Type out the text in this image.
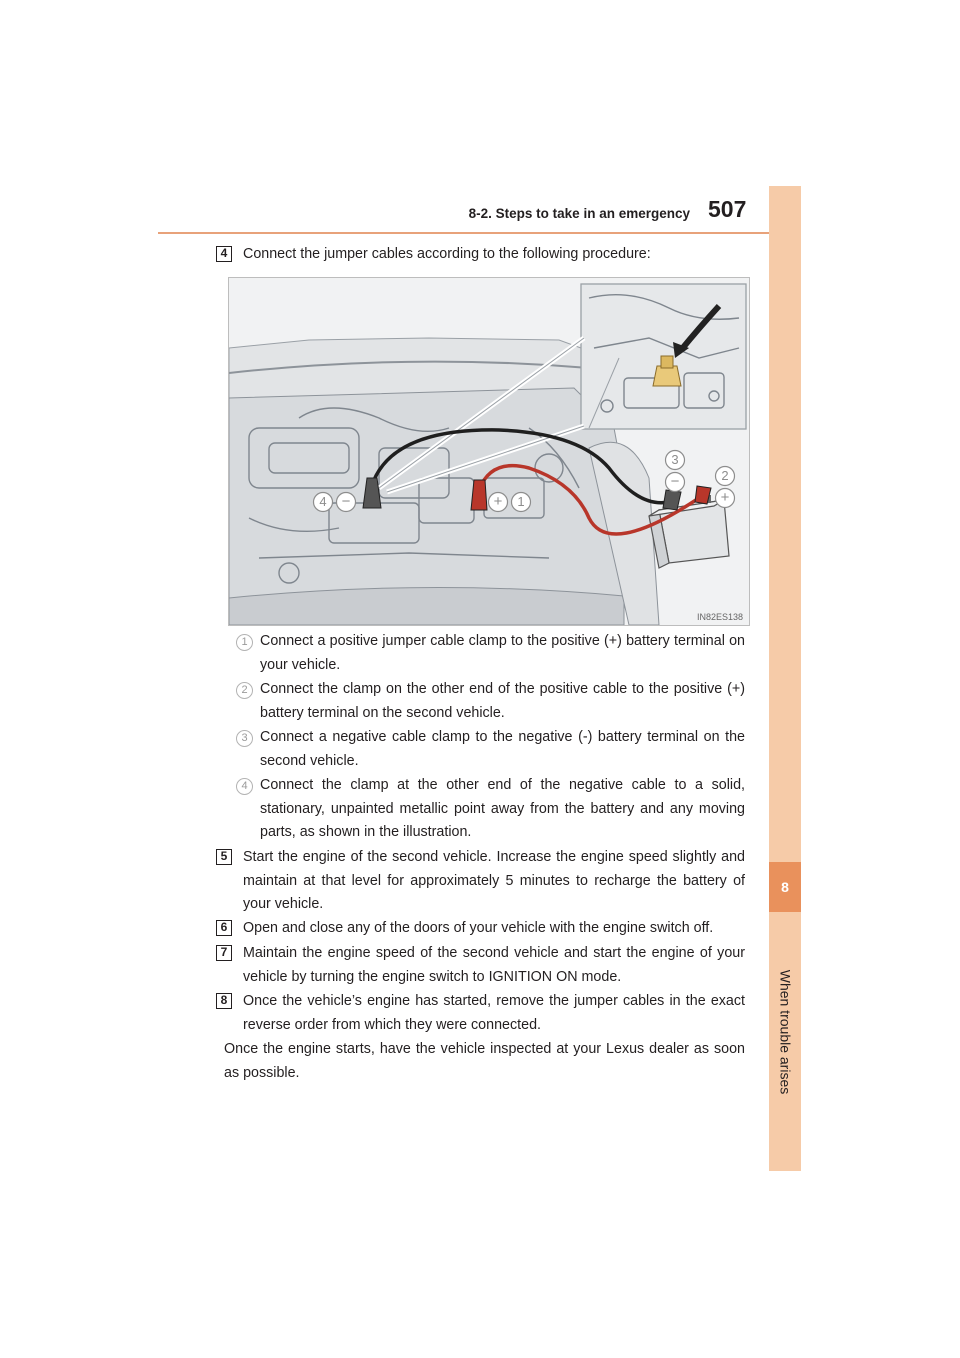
8-2. Steps to take in an emergency 507
8
When trouble arises
4	Connect the jumper cables according to the following procedure:
4	−	+	1
3
−	2
+
IN82ES138
1 Connect a positive jumper cable clamp to the positive (+) battery terminal on your vehicle.
2 Connect the clamp on the other end of the positive cable to the positive (+) battery terminal on the second vehicle.
3 Connect a negative cable clamp to the negative (-) battery terminal on the second vehicle.
4 Connect the clamp at the other end of the negative cable to a solid, stationary, unpainted metallic point away from the battery and any moving parts, as shown in the illustration.
5	Start the engine of the second vehicle. Increase the engine speed slightly and maintain at that level for approximately 5 minutes to recharge the battery of your vehicle.
6	Open and close any of the doors of your vehicle with the engine switch off.
7	Maintain the engine speed of the second vehicle and start the engine of your vehicle by turning the engine switch to IGNITION ON mode.
8	Once the vehicle’s engine has started, remove the jumper cables in the exact reverse order from which they were connected.
Once the engine starts, have the vehicle inspected at your Lexus dealer as soon as possible.
